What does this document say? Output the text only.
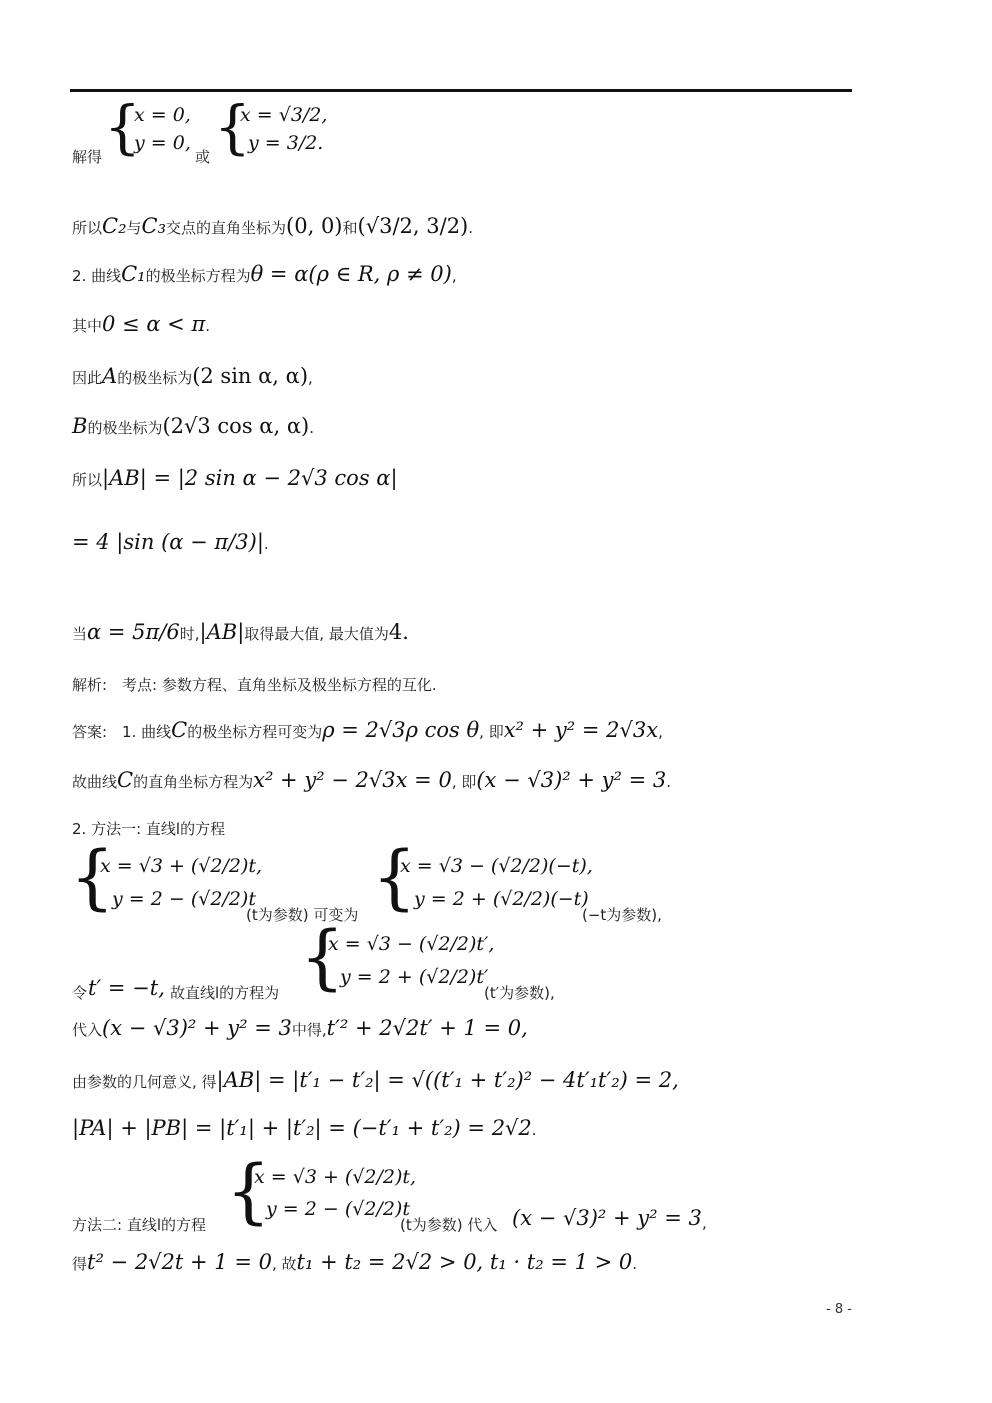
解得 {
x = 0,
y = 0,
或 {
x = √3/2,
y = 3/2.
所以C₂与C₃交点的直角坐标为(0, 0)和(√3/2, 3/2).
2. 曲线C₁的极坐标方程为θ = α(ρ ∈ R, ρ ≠ 0),
其中0 ≤ α < π.
因此A的极坐标为(2 sin α, α),
B的极坐标为(2√3 cos α, α).
所以|AB| = |2 sin α − 2√3 cos α|
= 4 |sin (α − π/3)|.
当α = 5π/6时,|AB|取得最大值, 最大值为4.
解析:　考点: 参数方程、直角坐标及极坐标方程的互化.
答案:　1. 曲线C的极坐标方程可变为ρ = 2√3ρ cos θ, 即x² + y² = 2√3x,
故曲线C的直角坐标方程为x² + y² − 2√3x = 0, 即(x − √3)² + y² = 3.
2. 方法一: 直线l的方程
{
x = √3 + (√2/2)t,
y = 2 − (√2/2)t
(t为参数) 可变为 {
x = √3 − (√2/2)(−t),
y = 2 + (√2/2)(−t)
(−t为参数),
令 t′ = −t, 故直线l的方程为 {
x = √3 − (√2/2)t′,
y = 2 + (√2/2)t′
(t′为参数),
代入(x − √3)² + y² = 3中得,t′² + 2√2t′ + 1 = 0,
由参数的几何意义, 得|AB| = |t′₁ − t′₂| = √((t′₁ + t′₂)² − 4t′₁t′₂) = 2,
|PA| + |PB| = |t′₁| + |t′₂| = (−t′₁ + t′₂) = 2√2.
方法二: 直线l的方程 {
x = √3 + (√2/2)t,
y = 2 − (√2/2)t
(t为参数) 代入 (x − √3)² + y² = 3 ,
得t² − 2√2t + 1 = 0, 故t₁ + t₂ = 2√2 > 0, t₁ · t₂ = 1 > 0.
- 8 -
